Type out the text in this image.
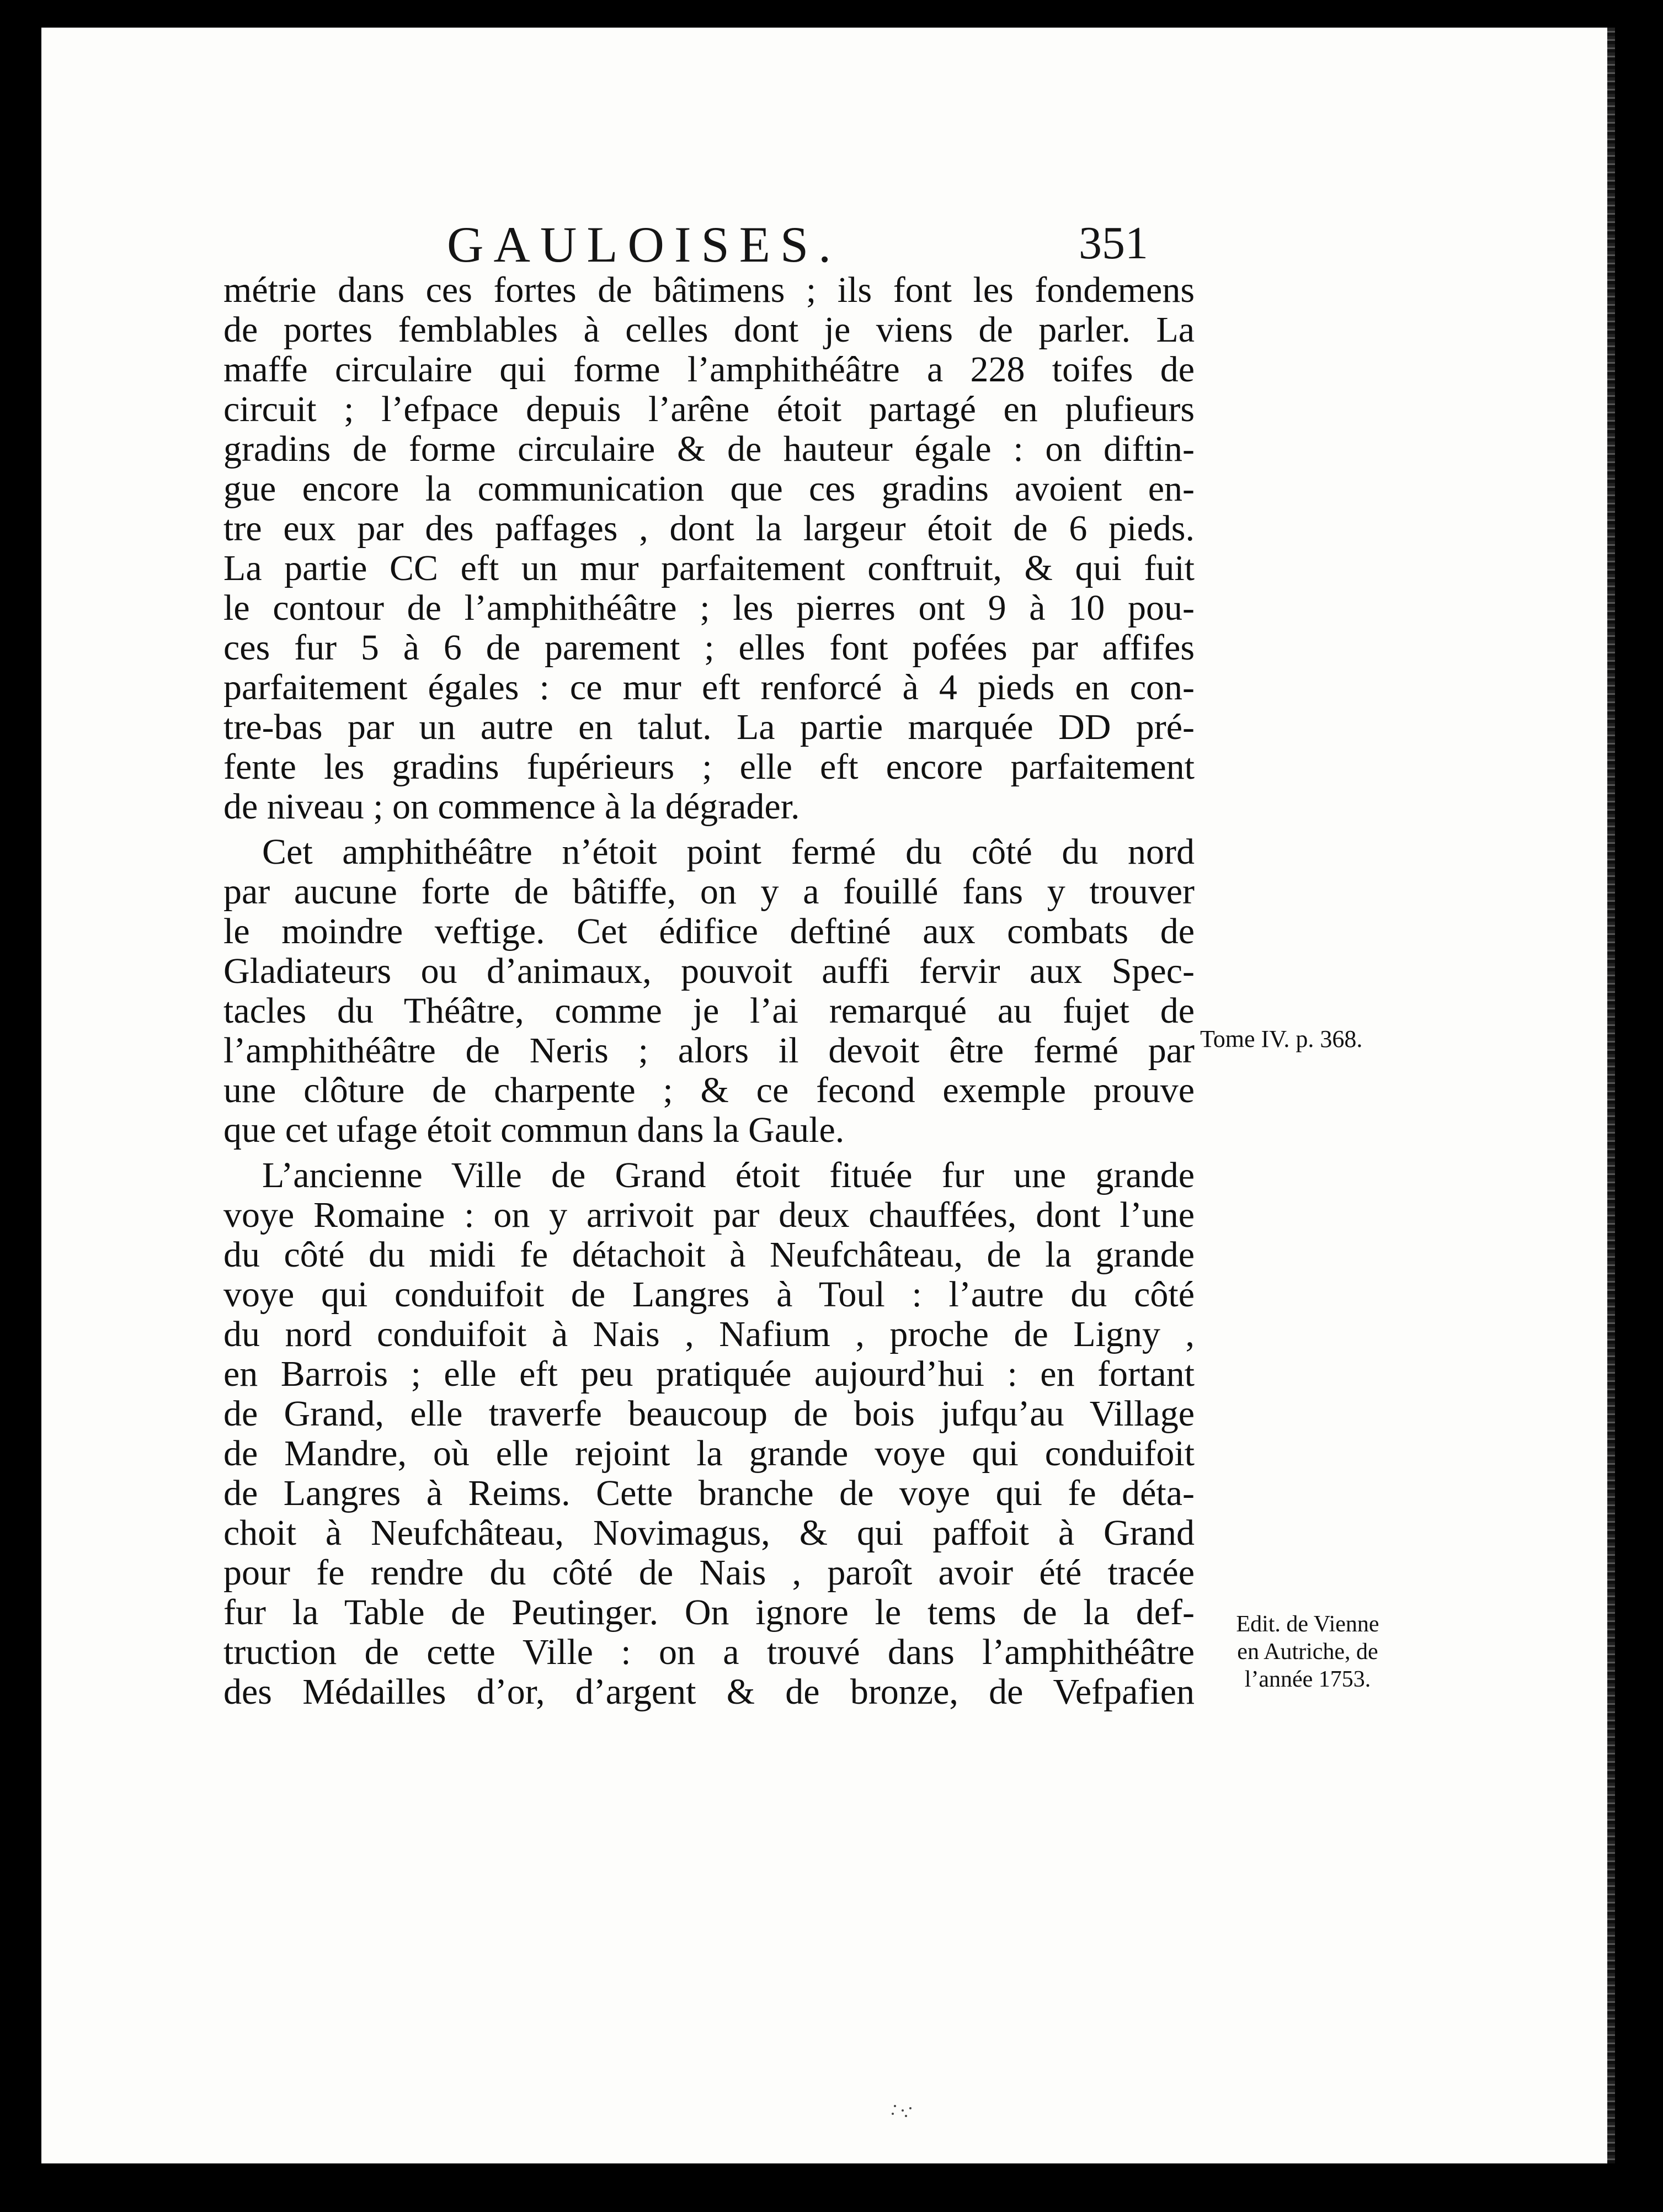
GAULOISES.	351
métrie dans ces fortes de bâtimens ; ils font les fondemens
de portes femblables à celles dont je viens de parler. La
maffe circulaire qui forme l’amphithéâtre a 228 toifes de
circuit ; l’efpace depuis l’arêne étoit partagé en plufieurs
gradins de forme circulaire & de hauteur égale : on diftin-
gue encore la communication que ces gradins avoient en-
tre eux par des paffages , dont la largeur étoit de 6 pieds.
La partie CC eft un mur parfaitement conftruit, & qui fuit
le contour de l’amphithéâtre ; les pierres ont 9 à 10 pou-
ces fur 5 à 6 de parement ; elles font pofées par affifes
parfaitement égales : ce mur eft renforcé à 4 pieds en con-
tre-bas par un autre en talut. La partie marquée DD pré-
fente les gradins fupérieurs ; elle eft encore parfaitement
de niveau ; on commence à la dégrader.
Cet amphithéâtre n’étoit point fermé du côté du nord
par aucune forte de bâtiffe, on y a fouillé fans y trouver
le moindre veftige. Cet édifice deftiné aux combats de
Gladiateurs ou d’animaux, pouvoit auffi fervir aux Spec-
tacles du Théâtre, comme je l’ai remarqué au fujet de
l’amphithéâtre de Neris ; alors il devoit être fermé par
une clôture de charpente ; & ce fecond exemple prouve
que cet ufage étoit commun dans la Gaule.
L’ancienne Ville de Grand étoit fituée fur une grande
voye Romaine : on y arrivoit par deux chauffées, dont l’une
du côté du midi fe détachoit à Neufchâteau, de la grande
voye qui conduifoit de Langres à Toul : l’autre du côté
du nord conduifoit à Nais , Nafium , proche de Ligny ,
en Barrois ; elle eft peu pratiquée aujourd’hui : en fortant
de Grand, elle traverfe beaucoup de bois jufqu’au Village
de Mandre, où elle rejoint la grande voye qui conduifoit
de Langres à Reims. Cette branche de voye qui fe déta-
choit à Neufchâteau, Novimagus, & qui paffoit à Grand
pour fe rendre du côté de Nais , paroît avoir été tracée
fur la Table de Peutinger. On ignore le tems de la def-
truction de cette Ville : on a trouvé dans l’amphithéâtre
des Médailles d’or, d’argent & de bronze, de Vefpafien
Tome IV. p. 368.
Edit. de Vienne
en Autriche, de
l’année 1753.
